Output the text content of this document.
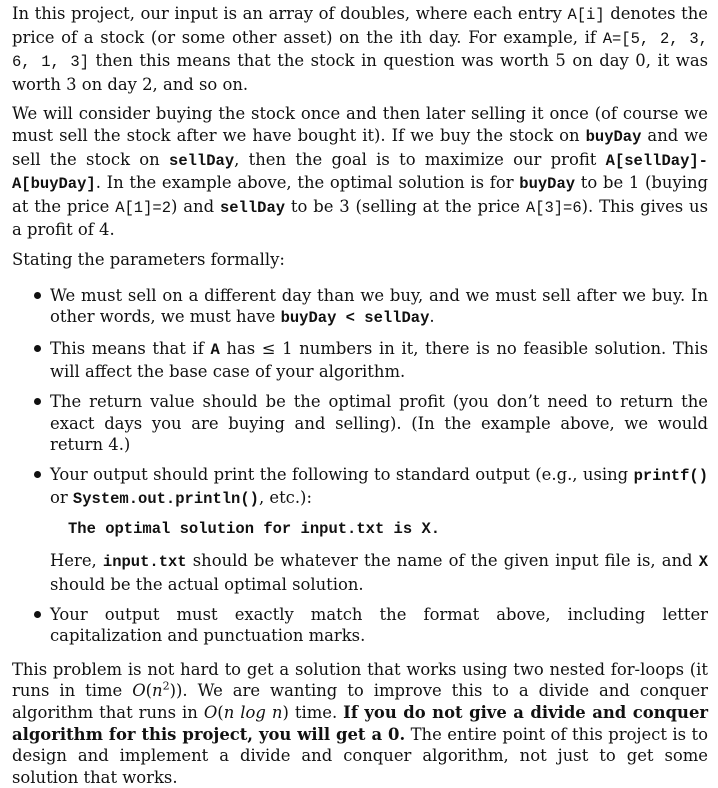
In this project, our input is an array of doubles, where each entry A[i] denotes the price of a stock (or some other asset) on the ith day. For example, if A=[5, 2, 3, 6, 1, 3] then this means that the stock in question was worth 5 on day 0, it was worth 3 on day 2, and so on.

We will consider buying the stock once and then later selling it once (of course we must sell the stock after we have bought it). If we buy the stock on buyDay and we sell the stock on sellDay, then the goal is to maximize our profit A[sellDay]-A[buyDay]. In the example above, the optimal solution is for buyDay to be 1 (buying at the price A[1]=2) and sellDay to be 3 (selling at the price A[3]=6). This gives us a profit of 4.

Stating the parameters formally:

We must sell on a different day than we buy, and we must sell after we buy. In other words, we must have buyDay < sellDay.
This means that if A has ≤ 1 numbers in it, there is no feasible solution. This will affect the base case of your algorithm.
The return value should be the optimal profit (you don’t need to return the exact days you are buying and selling). (In the example above, we would return 4.)
Your output should print the following to standard output (e.g., using printf() or System.out.println(), etc.):
The optimal solution for input.txt is X.
Here, input.txt should be whatever the name of the given input file is, and X should be the actual optimal solution.
Your output must exactly match the format above, including letter capitalization and punctuation marks.

This problem is not hard to get a solution that works using two nested for-loops (it runs in time $O(n^2)$). We are wanting to improve this to a divide and conquer algorithm that runs in O(n log n) time. If you do not give a divide and conquer algorithm for this project, you will get a 0. The entire point of this project is to design and implement a divide and conquer algorithm, not just to get some solution that works.
